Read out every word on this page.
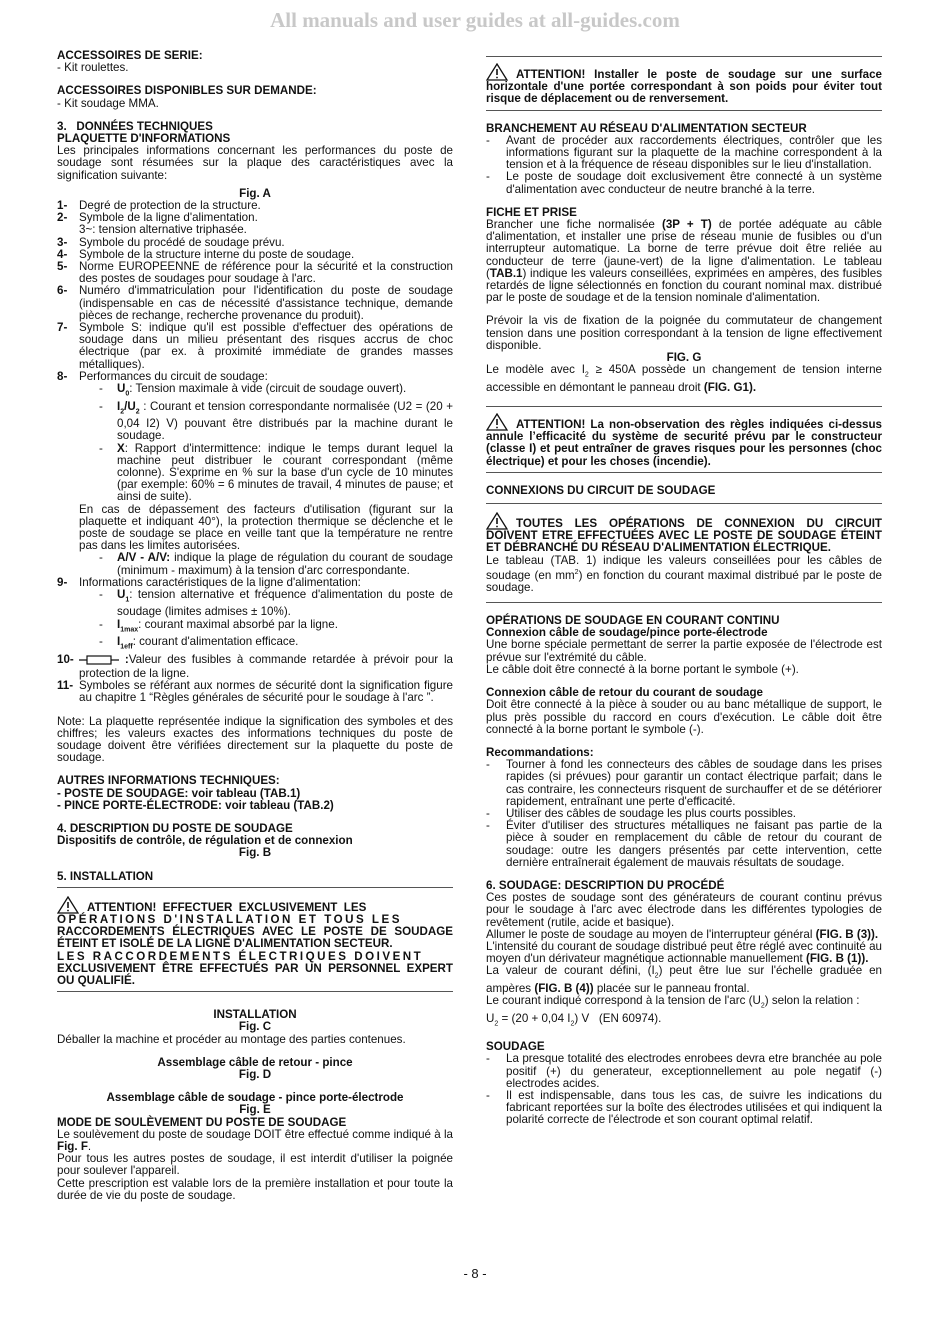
All manuals and user guides at all-guides.com

ACCESSOIRES DE SERIE:

- Kit roulettes.

ACCESSOIRES DISPONIBLES SUR DEMANDE:

- Kit soudage MMA.

3.   DONNÉES TECHNIQUES

PLAQUETTE D'INFORMATIONS

Les principales informations concernant les performances du poste de soudage sont résumées sur la plaque des caractéristiques avec la signification suivante:

Fig. A

1- Degré de protection de la structure.
2- Symbole de la ligne d'alimentation.
3~: tension alternative triphasée.
3- Symbole du procédé de soudage prévu.
4- Symbole de la structure interne du poste de soudage.
5- Norme EUROPEENNE de référence pour la sécurité et la construction des postes de soudages pour soudage à l'arc.
6- Numéro d'immatriculation pour l'identification du poste de soudage (indispensable en cas de nécessité d'assistance technique, demande pièces de rechange, recherche provenance du produit).
7- Symbole S: indique qu'il est possible d'effectuer des opérations de soudage dans un milieu présentant des risques accrus de choc électrique (par ex. à proximité immédiate de grandes masses métalliques).
8- Performances du circuit de soudage:
- $U_0$: Tension maximale à vide (circuit de soudage ouvert).
- $I_2/U_2$ : Courant et tension correspondante normalisée (U2 = (20 + 0,04 I2) V) pouvant être distribués par la machine durant le soudage.
- X: Rapport d'intermittence: indique le temps durant lequel la machine peut distribuer le courant correspondant (même colonne). S'exprime en % sur la base d'un cycle de 10 minutes (par exemple: 60% = 6 minutes de travail, 4 minutes de pause; et ainsi de suite).

En cas de dépassement des facteurs d'utilisation (figurant sur la plaquette et indiquant 40°), la protection thermique se déclenche et le poste de soudage se place en veille tant que la température ne rentre pas dans les limites autorisées.

- A/V - A/V: indique la plage de régulation du courant de soudage (minimum - maximum) à la tension d'arc correspondante.
9- Informations caractéristiques de la ligne d'alimentation:
- $U_1$: tension alternative et fréquence d'alimentation du poste de soudage (limites admises ± 10%).
- $I_{1max}$: courant maximal absorbé par la ligne.
- $I_{1eff}$: courant d'alimentation efficace.
10-	:Valeur des fusibles à commande retardée à prévoir pour la protection de la ligne.
11- Symboles se référant aux normes de sécurité dont la signification figure au chapitre 1 “Règles générales de sécurité pour le soudage à l'arc ”.

Note: La plaquette représentée indique la signification des symboles et des chiffres; les valeurs exactes des informations techniques du poste de soudage doivent être vérifiées directement sur la plaquette du poste de soudage.

AUTRES INFORMATIONS TECHNIQUES:

- POSTE DE SOUDAGE: voir tableau (TAB.1)

- PINCE PORTE-ÉLECTRODE: voir tableau (TAB.2)

4. DESCRIPTION DU POSTE DE SOUDAGE

Dispositifs de contrôle, de régulation et de connexion

Fig. B

5. INSTALLATION

ATTENTION!  EFFECTUER  EXCLUSIVEMENT  LES
OPÉRATIONS D'INSTALLATION ET TOUS LES
RACCORDEMENTS ÉLECTRIQUES AVEC LE POSTE DE SOUDAGE ÉTEINT ET ISOLÉ DE LA LIGNE D'ALIMENTATION SECTEUR.
LES RACCORDEMENTS ÉLECTRIQUES DOIVENT
EXCLUSIVEMENT ÊTRE EFFECTUÉS PAR UN PERSONNEL EXPERT OU QUALIFIÉ.

INSTALLATION

Fig. C

Déballer la machine et procéder au montage des parties contenues.

Assemblage câble de retour - pince

Fig. D

Assemblage câble de soudage - pince porte-électrode

Fig. E

MODE DE SOULÈVEMENT DU POSTE DE SOUDAGE

Le soulèvement du poste de soudage DOIT être effectué comme indiqué à la Fig. F.

Pour tous les autres postes de soudage, il est interdit d'utiliser la poignée pour soulever l'appareil.

Cette prescription est valable lors de la première installation et pour toute la durée de vie du poste de soudage.

ATTENTION! Installer le poste de soudage sur une surface horizontale d'une portée correspondant à son poids pour éviter tout risque de déplacement ou de renversement.

BRANCHEMENT AU RÉSEAU D'ALIMENTATION SECTEUR

- Avant de procéder aux raccordements électriques, contrôler que les informations figurant sur la plaquette de la machine correspondent à la tension et à la fréquence de réseau disponibles sur le lieu d'installation.
- Le poste de soudage doit exclusivement être connecté à un système d'alimentation avec conducteur de neutre branché à la terre.

FICHE ET PRISE

Brancher une fiche normalisée (3P + T) de portée adéquate au câble d'alimentation, et installer une prise de réseau munie de fusibles ou d'un interrupteur automatique. La borne de terre prévue doit être reliée au conducteur de terre (jaune-vert) de la ligne d'alimentation. Le tableau (TAB.1) indique les valeurs conseillées, exprimées en ampères, des fusibles retardés de ligne sélectionnés en fonction du courant nominal max. distribué par le poste de soudage et de la tension nominale d'alimentation.

Prévoir la vis de fixation de la poignée du commutateur de changement tension dans une position correspondant à la tension de ligne effectivement disponible.

FIG. G

Le modèle avec $I_2 \ge 450A$ possède un changement de tension interne accessible en démontant le panneau droit (FIG. G1).

ATTENTION! La non-observation des règles indiquées ci-dessus annule l’efficacité du système de securité prévu par le constructeur (classe I) et peut entraîner de graves risques pour les personnes (choc électrique) et pour les choses (incendie).

CONNEXIONS DU CIRCUIT DE SOUDAGE

TOUTES LES OPÉRATIONS DE CONNEXION DU CIRCUIT DOIVENT ETRE EFFECTUÉES AVEC LE POSTE DE SOUDAGE ÉTEINT ET DÉBRANCHÉ DU RÉSEAU D'ALIMENTATION ÉLECTRIQUE.

Le tableau (TAB. 1) indique les valeurs conseillées pour les câbles de soudage (en $mm^2$) en fonction du courant maximal distribué par le poste de soudage.

OPÉRATIONS DE SOUDAGE EN COURANT CONTINU

Connexion câble de soudage/pince porte-électrode

Une borne spéciale permettant de serrer la partie exposée de l'électrode est prévue sur l'extrémité du câble.

Le câble doit être connecté à la borne portant le symbole (+).

Connexion câble de retour du courant de soudage

Doit être connecté à la pièce à souder ou au banc métallique de support, le plus près possible du raccord en cours d'exécution. Le câble doit être connecté à la borne portant le symbole (-).

Recommandations:

- Tourner à fond les connecteurs des câbles de soudage dans les prises rapides (si prévues) pour garantir un contact électrique parfait; dans le cas contraire, les connecteurs risquent de surchauffer et de se détériorer rapidement, entraînant une perte d'efficacité.
- Utiliser des câbles de soudage les plus courts possibles.
- Éviter d'utiliser des structures métalliques ne faisant pas partie de la pièce à souder en remplacement du câble de retour du courant de soudage: outre les dangers présentés par cette intervention, cette dernière entraînerait également de mauvais résultats de soudage.

6. SOUDAGE: DESCRIPTION DU PROCÉDÉ

Ces postes de soudage sont des générateurs de courant continu prévus pour le soudage à l'arc avec électrode dans les différentes typologies de revêtement (rutile, acide et basique).

Allumer le poste de soudage au moyen de l'interrupteur général (FIG. B (3)).

L'intensité du courant de soudage distribué peut être réglé avec continuité au moyen d'un dérivateur magnétique actionnable manuellement (FIG. B (1)).

La valeur de courant défini, $(I_2)$ peut être lue sur l'échelle graduée en ampères (FIG. B (4)) placée sur le panneau frontal.

Le courant indiqué correspond à la tension de l'arc $(U_2)$ selon la relation :

$U_2 = (20 + 0,04$ $I_2$) V   (EN 60974).

SOUDAGE

- La presque totalité des electrodes enrobees devra etre branchée au pole positif (+) du generateur, exceptionnellement au pole negatif (-) electrodes acides.
- Il est indispensable, dans tous les cas, de suivre les indications du fabricant reportées sur la boîte des électrodes utilisées et qui indiquent la polarité correcte de l'électrode et son courant optimal relatif.
- 8 -
